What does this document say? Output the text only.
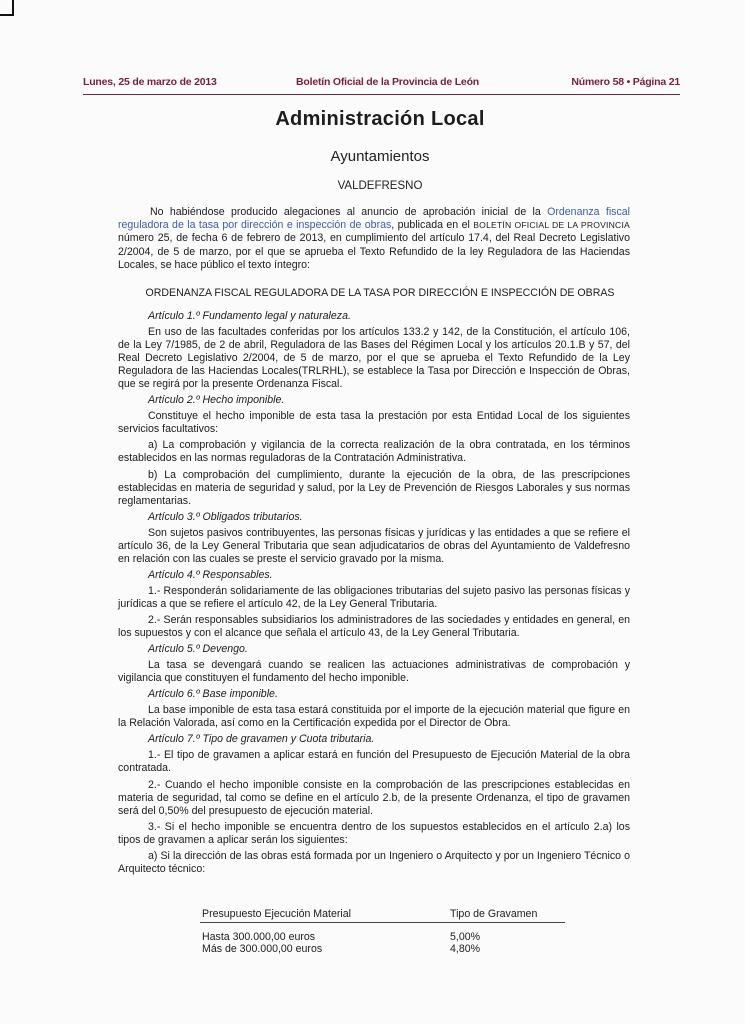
Lunes, 25 de marzo de 2013	Boletín Oficial de la Provincia de León	Número 58 • Página 21
Administración Local
Ayuntamientos
VALDEFRESNO
No habiéndose producido alegaciones al anuncio de aprobación inicial de la Ordenanza fiscal reguladora de la tasa por dirección e inspección de obras, publicada en el BOLETÍN OFICIAL DE LA PROVINCIA número 25, de fecha 6 de febrero de 2013, en cumplimiento del artículo 17.4, del Real Decreto Legislativo 2/2004, de 5 de marzo, por el que se aprueba el Texto Refundido de la ley Reguladora de las Haciendas Locales, se hace público el texto íntegro:
ORDENANZA FISCAL REGULADORA DE LA TASA POR DIRECCIÓN E INSPECCIÓN DE OBRAS

Artículo 1.º Fundamento legal y naturaleza.

En uso de las facultades conferidas por los artículos 133.2 y 142, de la Constitución, el artículo 106, de la Ley 7/1985, de 2 de abril, Reguladora de las Bases del Régimen Local y los artículos 20.1.B y 57, del Real Decreto Legislativo 2/2004, de 5 de marzo, por el que se aprueba el Texto Refundido de la Ley Reguladora de las Haciendas Locales(TRLRHL), se establece la Tasa por Dirección e Inspección de Obras, que se regirá por la presente Ordenanza Fiscal.

Artículo 2.º Hecho imponible.

Constituye el hecho imponible de esta tasa la prestación por esta Entidad Local de los siguientes servicios facultativos:

a) La comprobación y vigilancia de la correcta realización de la obra contratada, en los términos establecidos en las normas reguladoras de la Contratación Administrativa.

b) La comprobación del cumplimiento, durante la ejecución de la obra, de las prescripciones establecidas en materia de seguridad y salud, por la Ley de Prevención de Riesgos Laborales y sus normas reglamentarias.

Artículo 3.º Obligados tributarios.

Son sujetos pasivos contribuyentes, las personas físicas y jurídicas y las entidades a que se refiere el artículo 36, de la Ley General Tributaria que sean adjudicatarios de obras del Ayuntamiento de Valdefresno en relación con las cuales se preste el servicio gravado por la misma.

Artículo 4.º Responsables.

1.- Responderán solidariamente de las obligaciones tributarias del sujeto pasivo las personas físicas y jurídicas a que se refiere el artículo 42, de la Ley General Tributaria.

2.- Serán responsables subsidiarios los administradores de las sociedades y entidades en general, en los supuestos y con el alcance que señala el artículo 43, de la Ley General Tributaria.

Artículo 5.º Devengo.

La tasa se devengará cuando se realicen las actuaciones administrativas de comprobación y vigilancia que constituyen el fundamento del hecho imponible.

Artículo 6.º Base imponible.

La base imponible de esta tasa estará constituida por el importe de la ejecución material que figure en la Relación Valorada, así como en la Certificación expedida por el Director de Obra.

Artículo 7.º Tipo de gravamen y Cuota tributaria.

1.- El tipo de gravamen a aplicar estará en función del Presupuesto de Ejecución Material de la obra contratada.

2.- Cuando el hecho imponible consiste en la comprobación de las prescripciones establecidas en materia de seguridad, tal como se define en el artículo 2.b, de la presente Ordenanza, el tipo de gravamen será del 0,50% del presupuesto de ejecución material.

3.- Si el hecho imponible se encuentra dentro de los supuestos establecidos en el artículo 2.a) los tipos de gravamen a aplicar serán los siguientes:

a) Si la dirección de las obras está formada por un Ingeniero o Arquitecto y por un Ingeniero Técnico o Arquitecto técnico:

Presupuesto Ejecución Material	Tipo de Gravamen
Hasta 300.000,00 euros	5,00%
Más de 300.000,00 euros	4,80%
